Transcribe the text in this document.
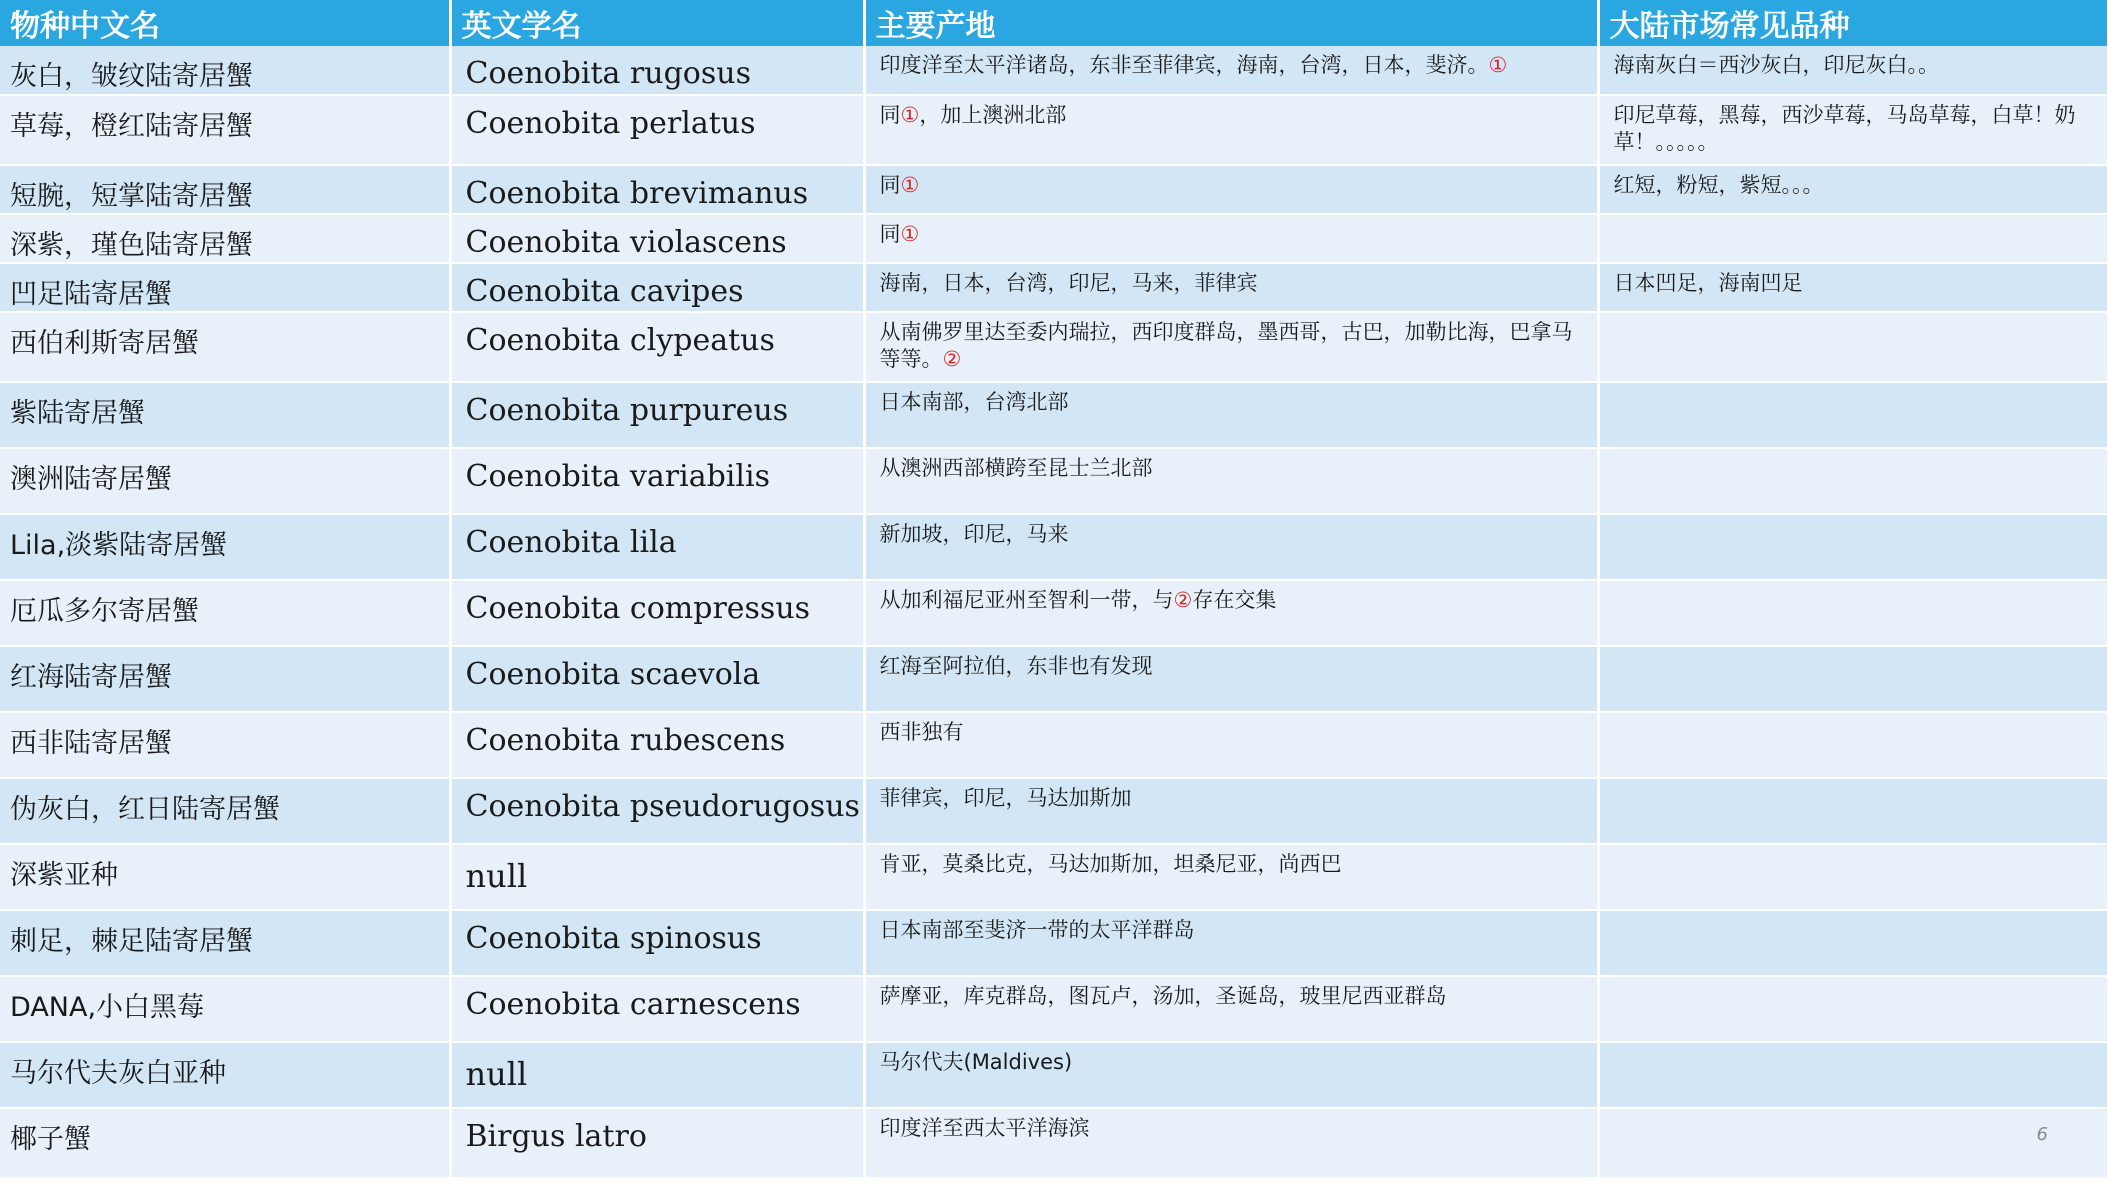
物种中文名	英文学名	主要产地	大陆市场常见品种
灰白，皱纹陆寄居蟹	Coenobita rugosus	印度洋至太平洋诸岛，东非至菲律宾，海南，台湾，日本，斐济。①	海南灰白＝西沙灰白，印尼灰白。。
草莓，橙红陆寄居蟹	Coenobita perlatus	同①，加上澳洲北部	印尼草莓，黑莓，西沙草莓，马岛草莓，白草！奶草！。。。。。
短腕，短掌陆寄居蟹	Coenobita brevimanus	同①	红短，粉短，紫短。。。
深紫，瑾色陆寄居蟹	Coenobita violascens	同①	
凹足陆寄居蟹	Coenobita cavipes	海南，日本，台湾，印尼，马来，菲律宾	日本凹足，海南凹足
西伯利斯寄居蟹	Coenobita clypeatus	从南佛罗里达至委内瑞拉，西印度群岛，墨西哥，古巴，加勒比海，巴拿马等等。②	
紫陆寄居蟹	Coenobita purpureus	日本南部，台湾北部	
澳洲陆寄居蟹	Coenobita variabilis	从澳洲西部横跨至昆士兰北部	
Lila,淡紫陆寄居蟹	Coenobita lila	新加坡，印尼，马来	
厄瓜多尔寄居蟹	Coenobita compressus	从加利福尼亚州至智利一带，与②存在交集	
红海陆寄居蟹	Coenobita scaevola	红海至阿拉伯，东非也有发现	
西非陆寄居蟹	Coenobita rubescens	西非独有	
伪灰白，红日陆寄居蟹	Coenobita pseudorugosus	菲律宾，印尼，马达加斯加	
深紫亚种	null	肯亚，莫桑比克，马达加斯加，坦桑尼亚，尚西巴	
刺足，棘足陆寄居蟹	Coenobita spinosus	日本南部至斐济一带的太平洋群岛	
DANA,小白黑莓	Coenobita carnescens	萨摩亚，库克群岛，图瓦卢，汤加，圣诞岛，玻里尼西亚群岛	
马尔代夫灰白亚种	null	马尔代夫(Maldives)	
椰子蟹	Birgus latro	印度洋至西太平洋海滨		6
